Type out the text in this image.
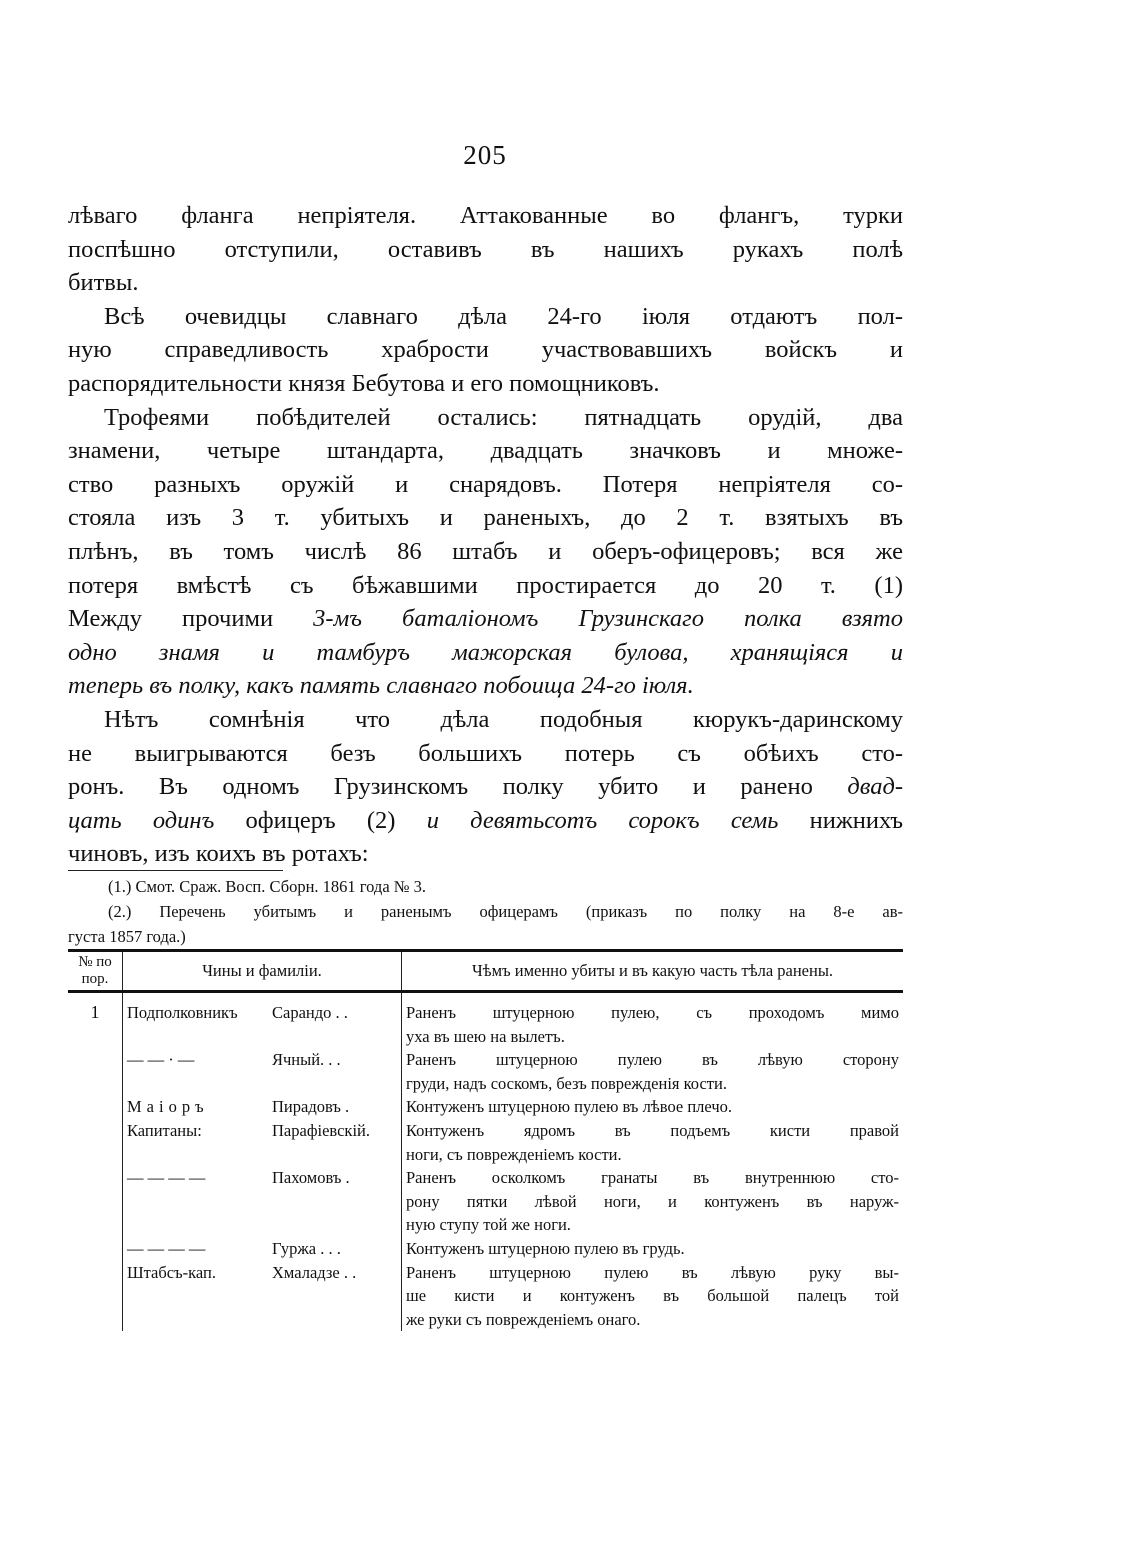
205
лѣваго фланга непріятеля. Аттакованные во флангъ, турки
поспѣшно отступили, оставивъ въ нашихъ рукахъ полѣ
битвы.
Всѣ очевидцы славнаго дѣла 24-го іюля отдаютъ пол-
ную справедливость храбрости участвовавшихъ войскъ и
распорядительности князя Бебутова и его помощниковъ.
Трофеями побѣдителей остались: пятнадцать орудій, два
знамени, четыре штандарта, двадцать значковъ и множе-
ство разныхъ оружій и снарядовъ. Потеря непріятеля со-
стояла изъ 3 т. убитыхъ и раненыхъ, до 2 т. взятыхъ въ
плѣнъ, въ томъ числѣ 86 штабъ и оберъ-офицеровъ; вся же
потеря вмѣстѣ съ бѣжавшими простирается до 20 т. (1)
Между прочими 3-мъ баталіономъ Грузинскаго полка взято
одно знамя и тамбуръ мажорская булова, хранящіяся и
теперь въ полку, какъ память славнаго побоища 24-го іюля.
Нѣтъ сомнѣнія что дѣла подобныя кюрукъ-даринскому
не выигрываются безъ большихъ потерь съ обѣихъ сто-
ронъ. Въ одномъ Грузинскомъ полку убито и ранено двад-
цать одинъ офицеръ (2) и девятьсотъ сорокъ семь нижнихъ
чиновъ, изъ коихъ въ ротахъ:
(1.) Смот. Сраж. Восп. Сборн. 1861 года № 3.
(2.) Перечень убитымъ и раненымъ офицерамъ (приказъ по полку на 8-е ав-
густа 1857 года.)
№ по пор.	Чины и фамиліи.	Чѣмъ именно убиты и въ какую часть тѣла ранены.
1	Подполковникъ Сарандо . .	Раненъ штуцерною пулею, съ проходомъ мимо
уха въ шею на вылетъ.

	— — · — Ячный. . .	Раненъ штуцерною пулею въ лѣвую сторону
груди, надъ соскомъ, безъ поврежденія кости.

	Маіоръ Пирадовъ .	Контуженъ штуцерною пулею въ лѣвое плечо.

	Капитаны: Парафіевскій.	Контуженъ ядромъ въ подъемъ кисти правой
ноги, съ поврежденіемъ кости.

	— — — — Пахомовъ .	Раненъ осколкомъ гранаты въ внутреннюю сто-
рону пятки лѣвой ноги, и контуженъ въ наруж-
ную ступу той же ноги.

	— — — — Гуржа . . .	Контуженъ штуцерною пулею въ грудь.

	Штабсъ-кап. Хмаладзе . .	Раненъ штуцерною пулею въ лѣвую руку вы-
ше кисти и контуженъ въ большой палецъ той
же руки съ поврежденіемъ онаго.
